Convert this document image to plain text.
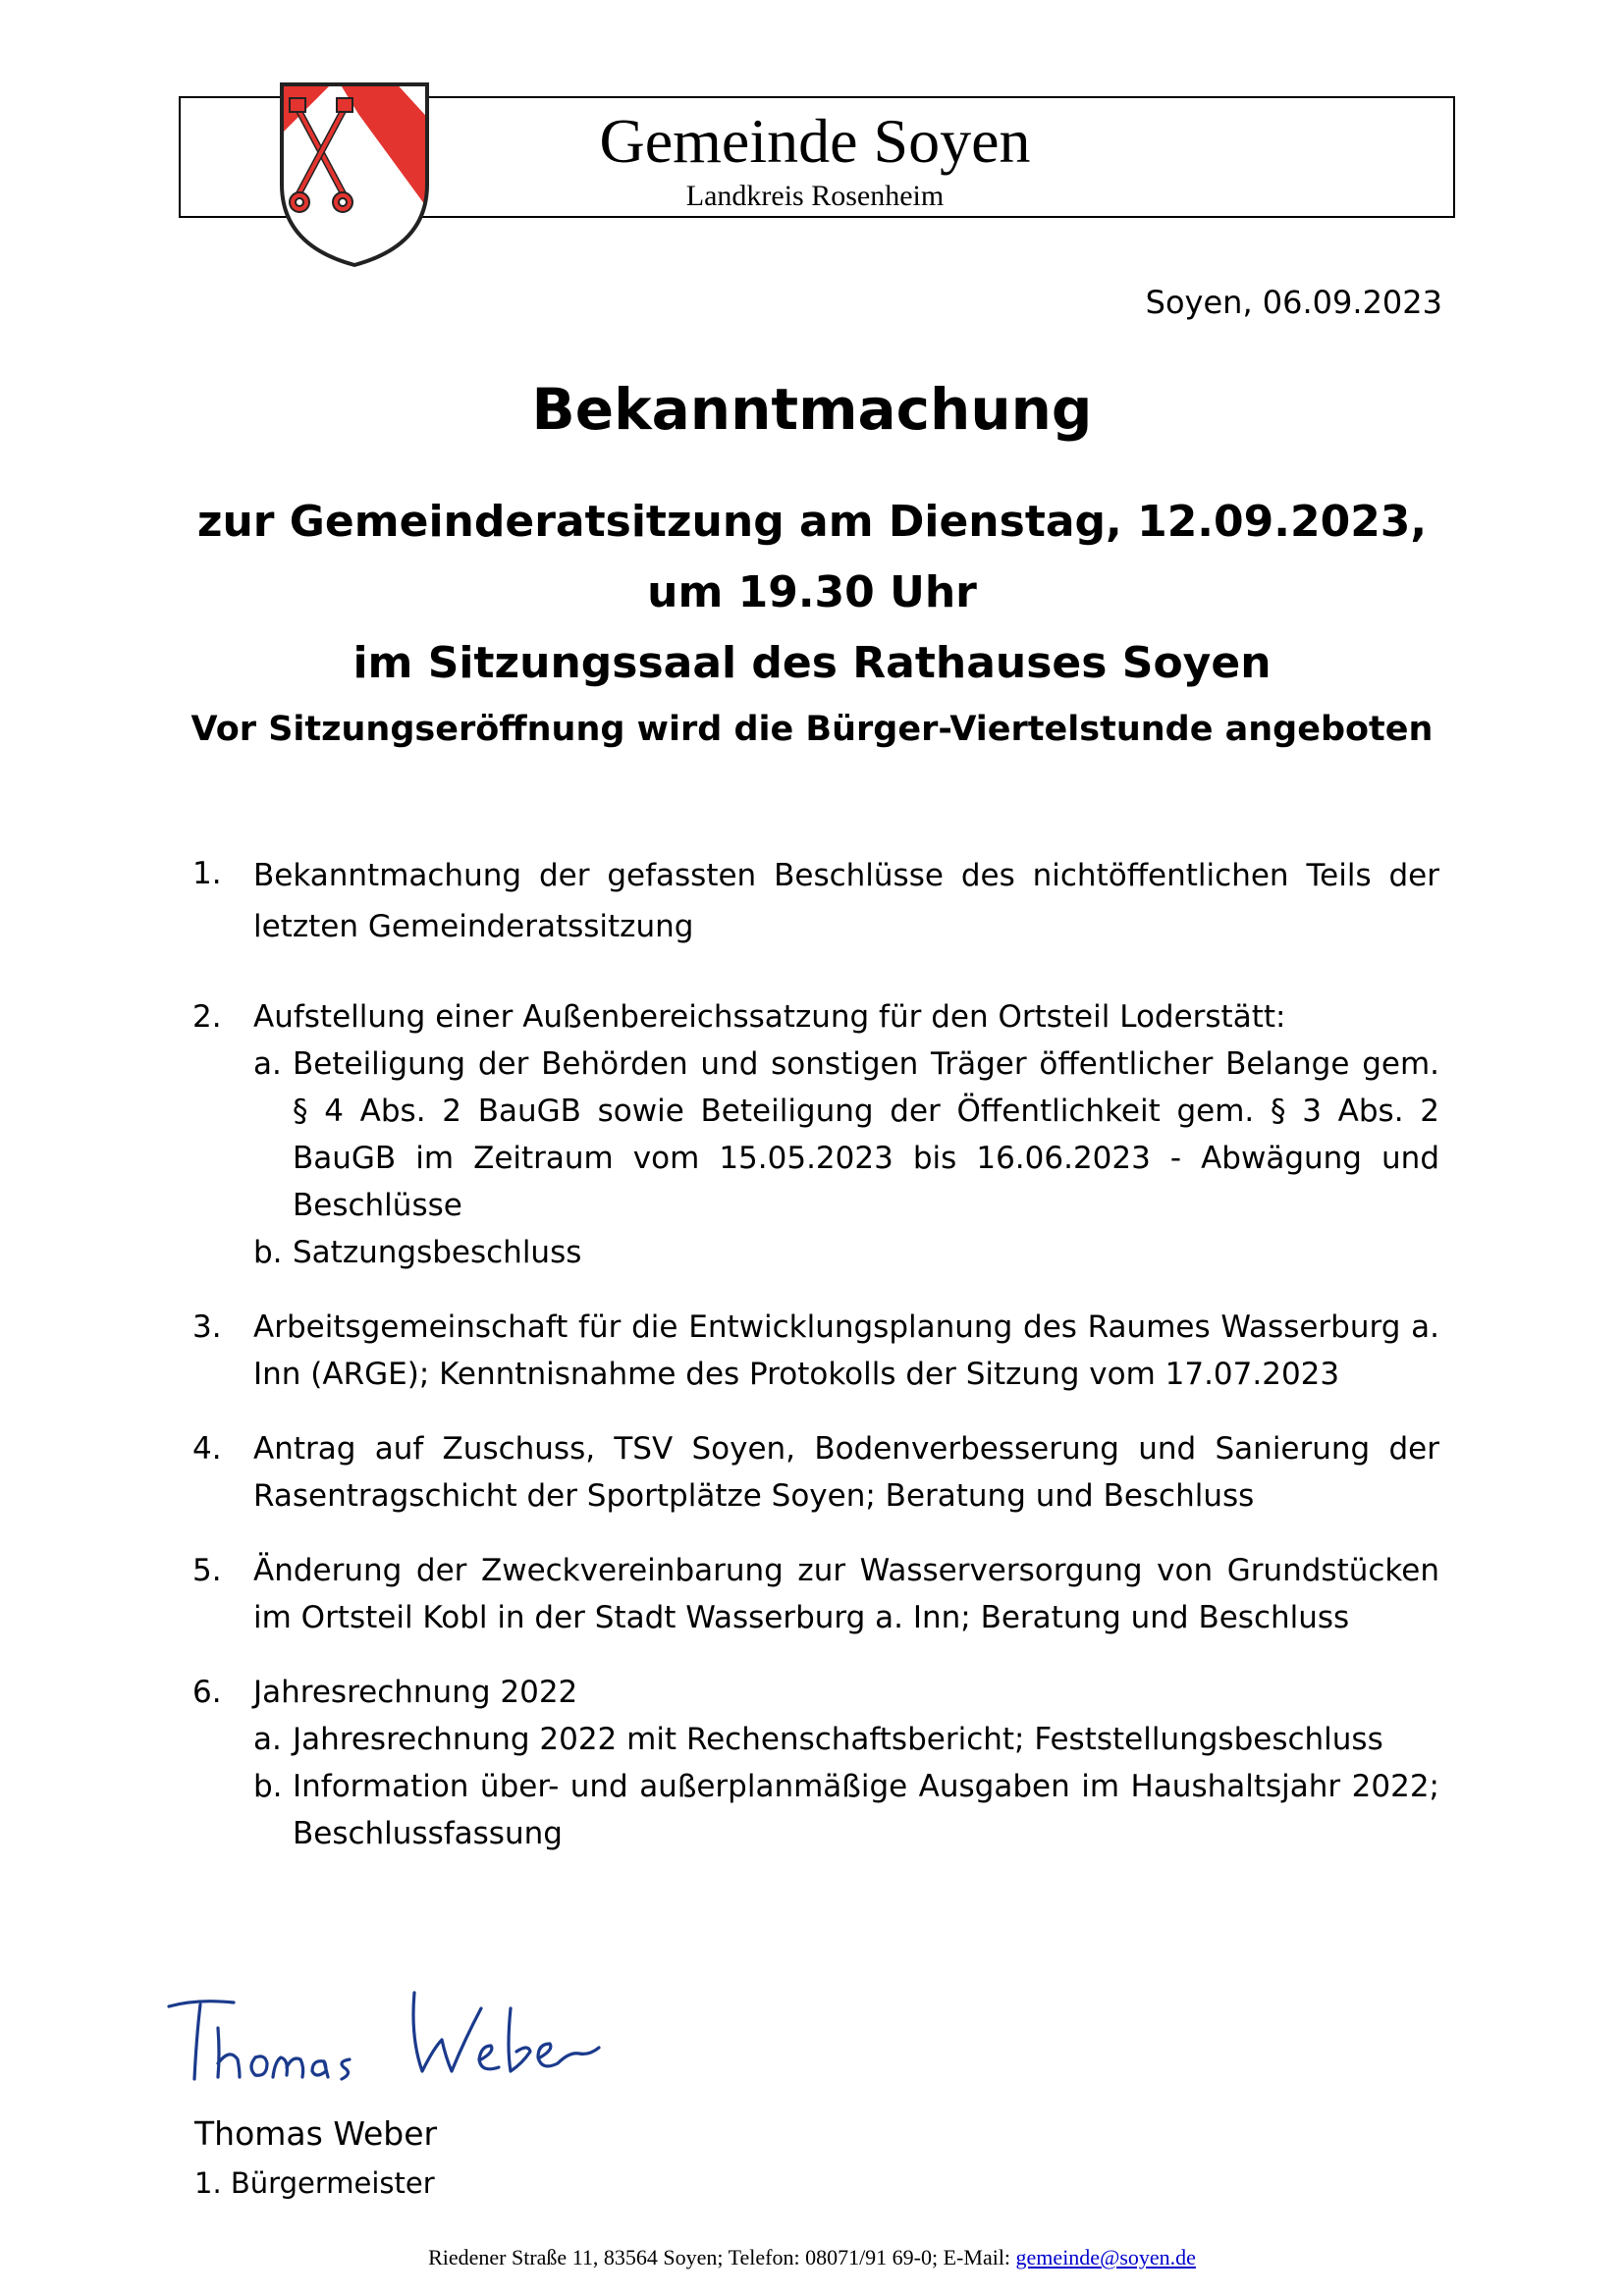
Gemeinde Soyen
Landkreis Rosenheim
Soyen, 06.09.2023
Bekanntmachung
zur Gemeinderatsitzung am Dienstag, 12.09.2023,
um 19.30 Uhr
im Sitzungssaal des Rathauses Soyen
Vor Sitzungseröffnung wird die Bürger-Viertelstunde angeboten
1. Bekanntmachung der gefassten Beschlüsse des nichtöffentlichen Teils der letzten Gemeinderatssitzung
2. Aufstellung einer Außenbereichssatzung für den Ortsteil Loderstätt:
a. Beteiligung der Behörden und sonstigen Träger öffentlicher Belange gem. § 4 Abs. 2 BauGB sowie Beteiligung der Öffentlichkeit gem. § 3 Abs. 2 BauGB im Zeitraum vom 15.05.2023 bis 16.06.2023 - Abwägung und Beschlüsse
b. Satzungsbeschluss
3. Arbeitsgemeinschaft für die Entwicklungsplanung des Raumes Wasserburg a. Inn (ARGE); Kenntnisnahme des Protokolls der Sitzung vom 17.07.2023
4. Antrag auf Zuschuss, TSV Soyen, Bodenverbesserung und Sanierung der Rasentragschicht der Sportplätze Soyen; Beratung und Beschluss
5. Änderung der Zweckvereinbarung zur Wasserversorgung von Grundstücken im Ortsteil Kobl in der Stadt Wasserburg a. Inn; Beratung und Beschluss
6. Jahresrechnung 2022
a. Jahresrechnung 2022 mit Rechenschaftsbericht; Feststellungsbeschluss
b. Information über- und außerplanmäßige Ausgaben im Haushaltsjahr 2022; Beschlussfassung
Thomas Weber
1. Bürgermeister
Riedener Straße 11, 83564 Soyen; Telefon: 08071/91 69-0; E-Mail: gemeinde@soyen.de
